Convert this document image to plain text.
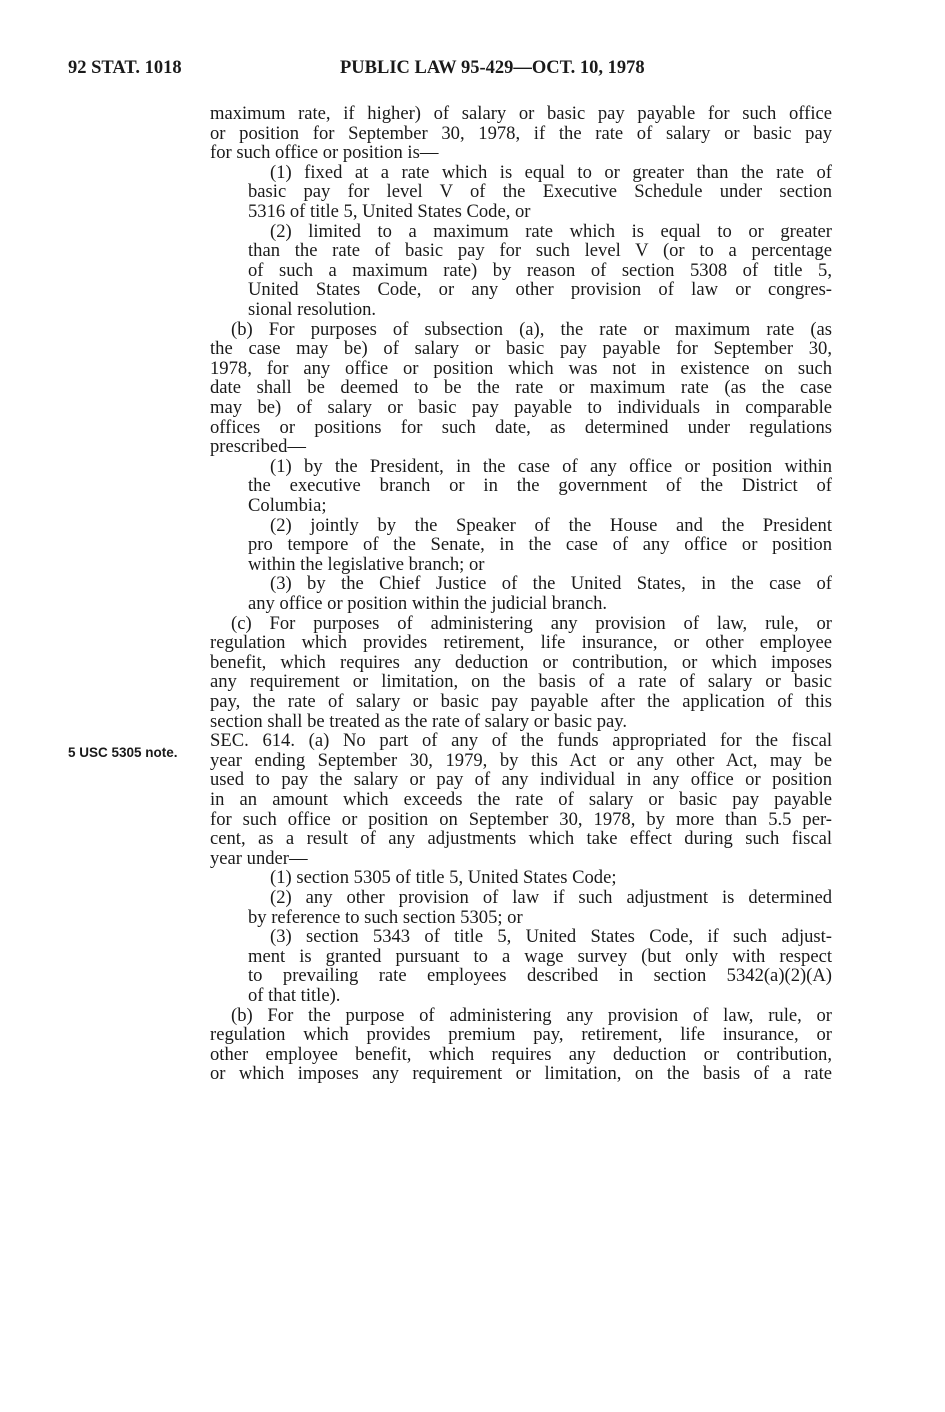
92 STAT. 1018	PUBLIC LAW 95-429—OCT. 10, 1978
5 USC 5305 note.
maximum rate, if higher) of salary or basic pay payable for such office
or position for September 30, 1978, if the rate of salary or basic pay
for such office or position is—
(1) fixed at a rate which is equal to or greater than the rate of
basic pay for level V of the Executive Schedule under section
5316 of title 5, United States Code, or
(2) limited to a maximum rate which is equal to or greater
than the rate of basic pay for such level V (or to a percentage
of such a maximum rate) by reason of section 5308 of title 5,
United States Code, or any other provision of law or congres-
sional resolution.
(b) For purposes of subsection (a), the rate or maximum rate (as
the case may be) of salary or basic pay payable for September 30,
1978, for any office or position which was not in existence on such
date shall be deemed to be the rate or maximum rate (as the case
may be) of salary or basic pay payable to individuals in comparable
offices or positions for such date, as determined under regulations
prescribed—
(1) by the President, in the case of any office or position within
the executive branch or in the government of the District of
Columbia;
(2) jointly by the Speaker of the House and the President
pro tempore of the Senate, in the case of any office or position
within the legislative branch; or
(3) by the Chief Justice of the United States, in the case of
any office or position within the judicial branch.
(c) For purposes of administering any provision of law, rule, or
regulation which provides retirement, life insurance, or other employee
benefit, which requires any deduction or contribution, or which imposes
any requirement or limitation, on the basis of a rate of salary or basic
pay, the rate of salary or basic pay payable after the application of this
section shall be treated as the rate of salary or basic pay.
SEC. 614. (a) No part of any of the funds appropriated for the fiscal
year ending September 30, 1979, by this Act or any other Act, may be
used to pay the salary or pay of any individual in any office or position
in an amount which exceeds the rate of salary or basic pay payable
for such office or position on September 30, 1978, by more than 5.5 per-
cent, as a result of any adjustments which take effect during such fiscal
year under—
(1) section 5305 of title 5, United States Code;
(2) any other provision of law if such adjustment is determined
by reference to such section 5305; or
(3) section 5343 of title 5, United States Code, if such adjust-
ment is granted pursuant to a wage survey (but only with respect
to prevailing rate employees described in section 5342(a)(2)(A)
of that title).
(b) For the purpose of administering any provision of law, rule, or
regulation which provides premium pay, retirement, life insurance, or
other employee benefit, which requires any deduction or contribution,
or which imposes any requirement or limitation, on the basis of a rate
